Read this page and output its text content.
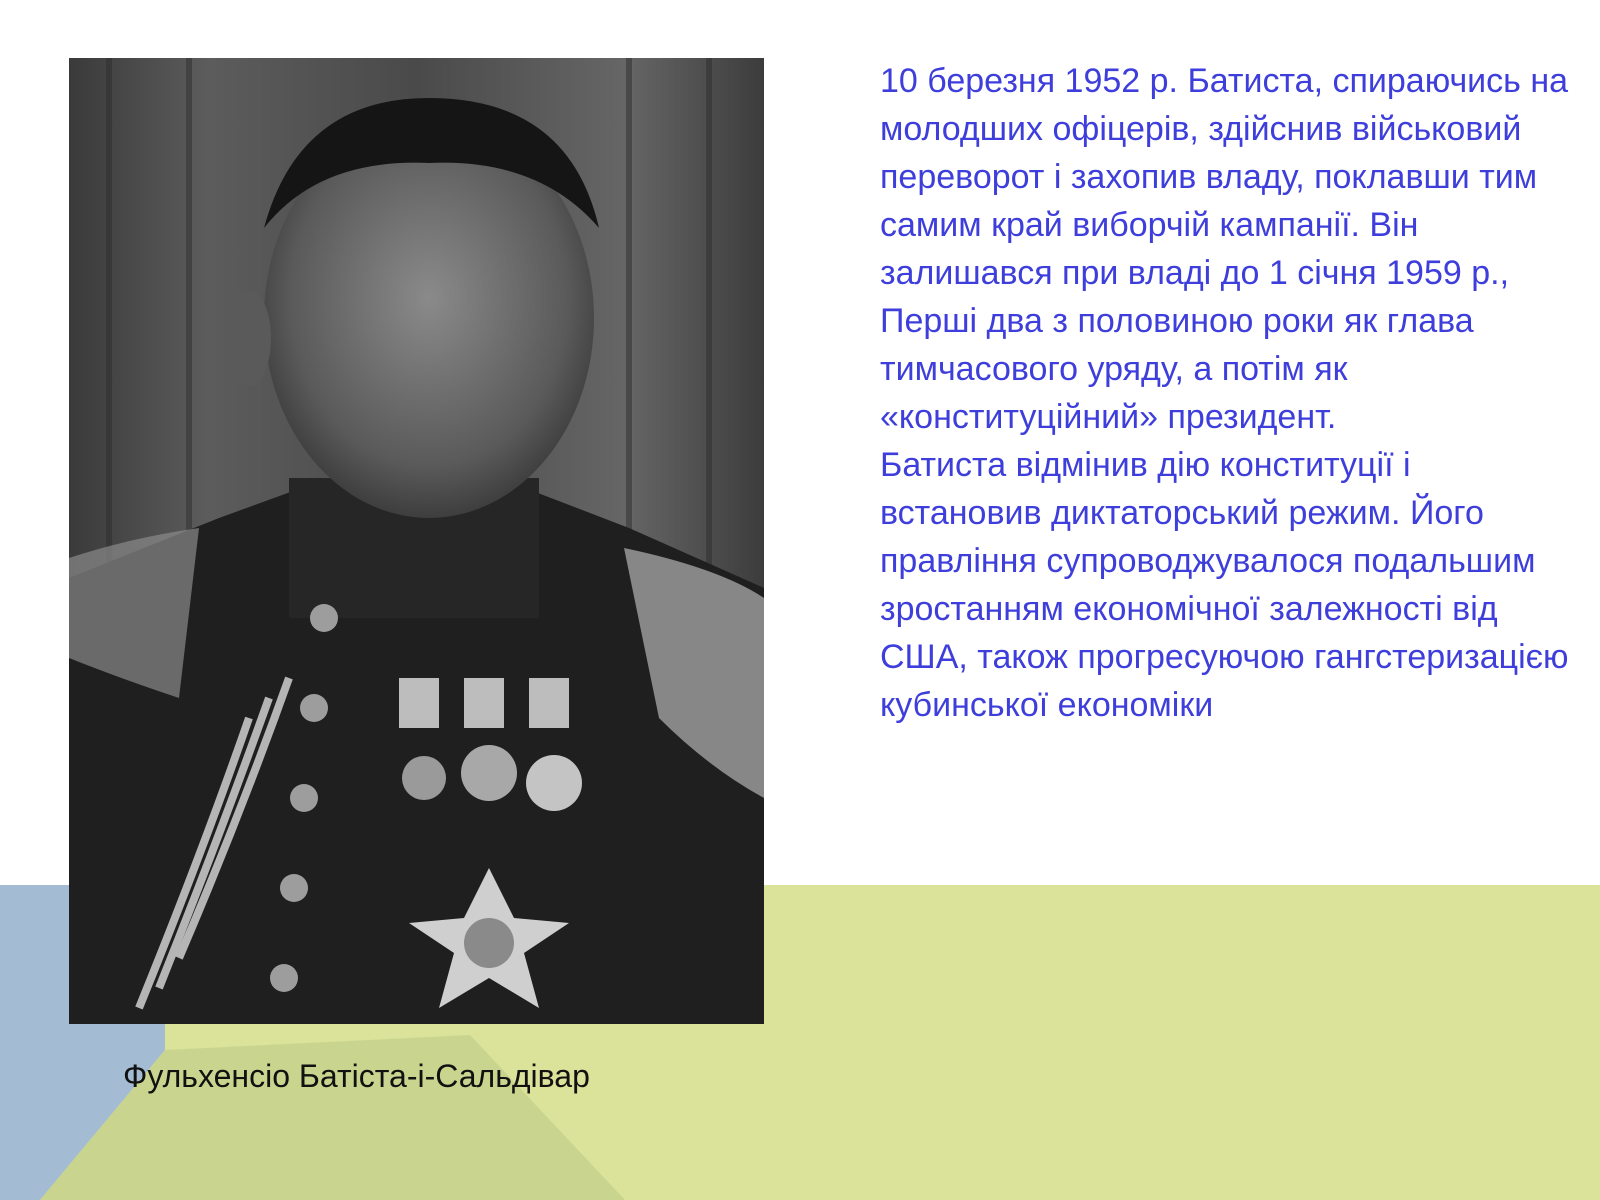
Фульхенсіо Батіста-і-Сальдівар

10 березня 1952 р. Батиста, спираючись на молодших офіцерів, здійснив військовий переворот і захопив владу, поклавши тим самим край виборчій кампанії. Він залишався при владі до 1 січня 1959 р., Перші два з половиною роки як глава тимчасового уряду, а потім як «конституційний» президент.

Батиста відмінив дію конституції і встановив диктаторський режим. Його правління супроводжувалося подальшим зростанням економічної залежності від США, також прогресуючою гангстеризацією кубинської економіки
